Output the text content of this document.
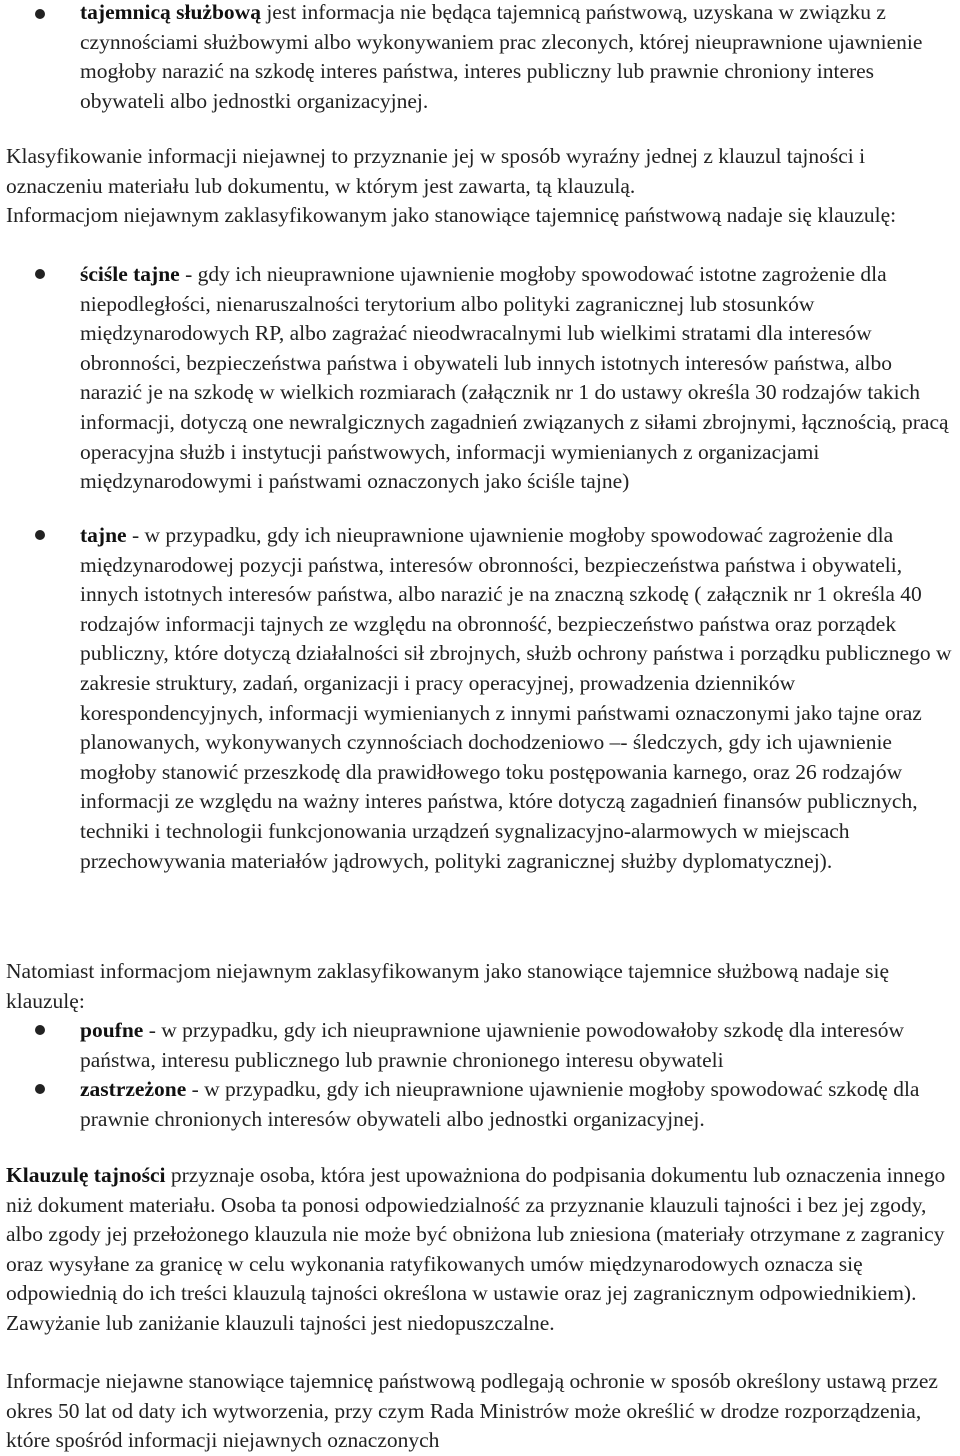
tajemnicą służbową jest informacja nie będąca tajemnicą państwową, uzyskana w związku z czynnościami służbowymi albo wykonywaniem prac zleconych, której nieuprawnione ujawnienie mogłoby narazić na szkodę interes państwa, interes publiczny lub prawnie chroniony interes obywateli albo jednostki organizacyjnej.

Klasyfikowanie informacji niejawnej to przyznanie jej w sposób wyraźny jednej z klauzul tajności i oznaczeniu materiału lub dokumentu, w którym jest zawarta, tą klauzulą.

Informacjom niejawnym zaklasyfikowanym jako stanowiące tajemnicę państwową nadaje się klauzulę:

ściśle tajne - gdy ich nieuprawnione ujawnienie mogłoby spowodować istotne zagrożenie dla niepodległości, nienaruszalności terytorium albo polityki zagranicznej lub stosunków międzynarodowych RP, albo zagrażać nieodwracalnymi lub wielkimi stratami dla interesów obronności, bezpieczeństwa państwa i obywateli lub innych istotnych interesów państwa, albo narazić je na szkodę w wielkich rozmiarach (załącznik nr 1 do ustawy określa 30 rodzajów takich informacji, dotyczą one newralgicznych zagadnień związanych z siłami zbrojnymi, łącznością, pracą operacyjna służb i instytucji państwowych, informacji wymienianych z organizacjami międzynarodowymi i państwami oznaczonych jako ściśle tajne)

tajne - w przypadku, gdy ich nieuprawnione ujawnienie mogłoby spowodować zagrożenie dla międzynarodowej pozycji państwa, interesów obronności, bezpieczeństwa państwa i obywateli, innych istotnych interesów państwa, albo narazić je na znaczną szkodę ( załącznik nr 1 określa 40 rodzajów informacji tajnych ze względu na obronność, bezpieczeństwo państwa oraz porządek publiczny, które dotyczą działalności sił zbrojnych, służb ochrony państwa i porządku publicznego w zakresie struktury, zadań, organizacji i pracy operacyjnej, prowadzenia dzienników korespondencyjnych, informacji wymienianych z innymi państwami oznaczonymi jako tajne oraz planowanych, wykonywanych czynnościach dochodzeniowo –- śledczych, gdy ich ujawnienie mogłoby stanowić przeszkodę dla prawidłowego toku postępowania karnego, oraz 26 rodzajów informacji ze względu na ważny interes państwa, które dotyczą zagadnień finansów publicznych, techniki i technologii funkcjonowania urządzeń sygnalizacyjno-alarmowych w miejscach przechowywania materiałów jądrowych, polityki zagranicznej służby dyplomatycznej).

Natomiast informacjom niejawnym zaklasyfikowanym jako stanowiące tajemnice służbową nadaje się klauzulę:

poufne - w przypadku, gdy ich nieuprawnione ujawnienie powodowałoby szkodę dla interesów państwa, interesu publicznego lub prawnie chronionego interesu obywateli

zastrzeżone - w przypadku, gdy ich nieuprawnione ujawnienie mogłoby spowodować szkodę dla prawnie chronionych interesów obywateli albo jednostki organizacyjnej.

Klauzulę tajności przyznaje osoba, która jest upoważniona do podpisania dokumentu lub oznaczenia innego niż dokument materiału. Osoba ta ponosi odpowiedzialność za przyznanie klauzuli tajności i bez jej zgody, albo zgody jej przełożonego klauzula nie może być obniżona lub zniesiona (materiały otrzymane z zagranicy oraz wysyłane za granicę w celu wykonania ratyfikowanych umów międzynarodowych oznacza się odpowiednią do ich treści klauzulą tajności określona w ustawie oraz jej zagranicznym odpowiednikiem). Zawyżanie lub zaniżanie klauzuli tajności jest niedopuszczalne.

Informacje niejawne stanowiące tajemnicę państwową podlegają ochronie w sposób określony ustawą przez okres 50 lat od daty ich wytworzenia, przy czym Rada Ministrów może określić w drodze rozporządzenia, które spośród informacji niejawnych oznaczonych
